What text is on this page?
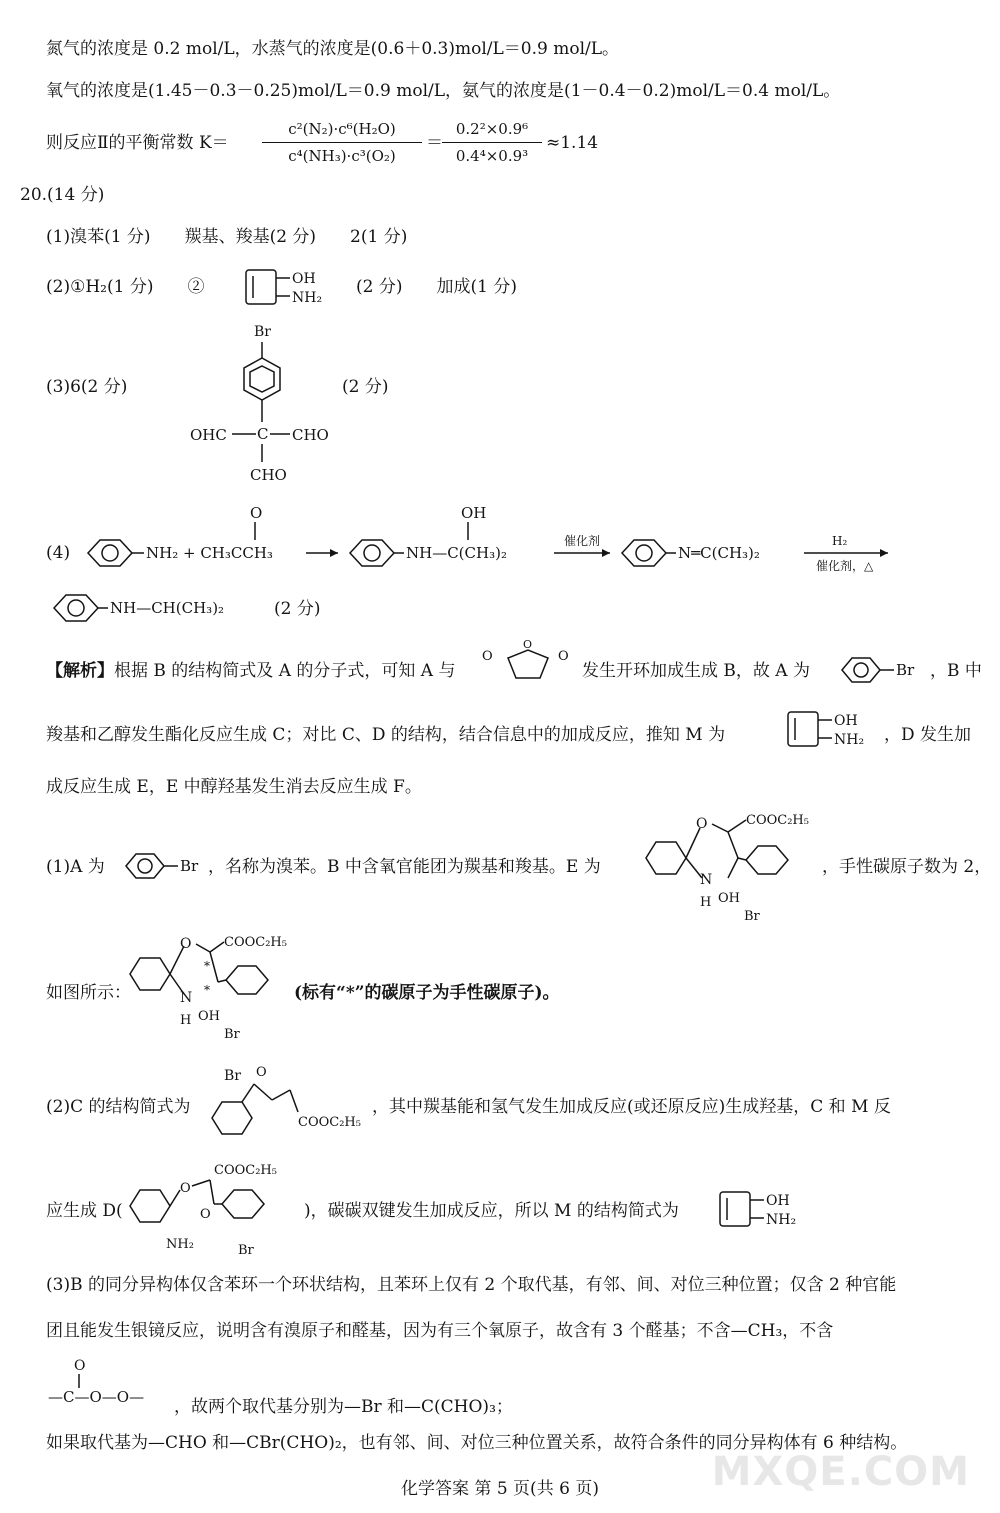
氮气的浓度是 0.2 mol/L，水蒸气的浓度是(0.6＋0.3)mol/L＝0.9 mol/L。
氧气的浓度是(1.45－0.3－0.25)mol/L＝0.9 mol/L，氨气的浓度是(1－0.4－0.2)mol/L＝0.4 mol/L。
则反应Ⅱ的平衡常数 K＝
c²(N₂)·c⁶(H₂O)
c⁴(NH₃)·c³(O₂)
＝
0.2²×0.9⁶
0.4⁴×0.9³
≈1.14
20.(14 分)
(1)溴苯(1 分)　　羰基、羧基(2 分)　　2(1 分)
(2)①H₂(1 分)　　②	OH
NH₂
(2 分)　　加成(1 分)
(3)6(2 分)
Br
OHC C CHO
CHO
(2 分)
(4)	NH₂ + CH₃CCH₃
O
NH—C(CH₃)₂
OH
催化剂
N═C(CH₃)₂
H₂
催化剂，△
NH—CH(CH₃)₂	(2 分)
【解析】根据 B 的结构简式及 A 的分子式，可知 A 与
O	O
O
发生开环加成生成 B，故 A 为	Br ，B 中
羧基和乙醇发生酯化反应生成 C；对比 C、D 的结构，结合信息中的加成反应，推知 M 为
OH
NH₂ ，D 发生加
成反应生成 E，E 中醇羟基发生消去反应生成 F。
(1)A 为	Br ，名称为溴苯。B 中含氧官能团为羰基和羧基。E 为
O	COOC₂H₅
N
H OH
Br
，手性碳原子数为 2，
如图所示：
O
*
COOC₂H₅
*
N
H OH
Br
(标有“*”的碳原子为手性碳原子)。
(2)C 的结构简式为
Br O
COOC₂H₅
，其中羰基能和氢气发生加成反应(或还原反应)生成羟基，C 和 M 反
应生成 D(
O
COOC₂H₅
O
NH₂	Br
)，碳碳双键发生加成反应，所以 M 的结构简式为	OH
NH₂
(3)B 的同分异构体仅含苯环一个环状结构，且苯环上仅有 2 个取代基，有邻、间、对位三种位置；仅含 2 种官能
团且能发生银镜反应，说明含有溴原子和醛基，因为有三个氧原子，故含有 3 个醛基；不含—CH₃，不含
O
—C—O—O— ，故两个取代基分别为—Br 和—C(CHO)₃；
如果取代基为—CHO 和—CBr(CHO)₂，也有邻、间、对位三种位置关系，故符合条件的同分异构体有 6 种结构。
化学答案 第 5 页(共 6 页)	MXQE.COM
